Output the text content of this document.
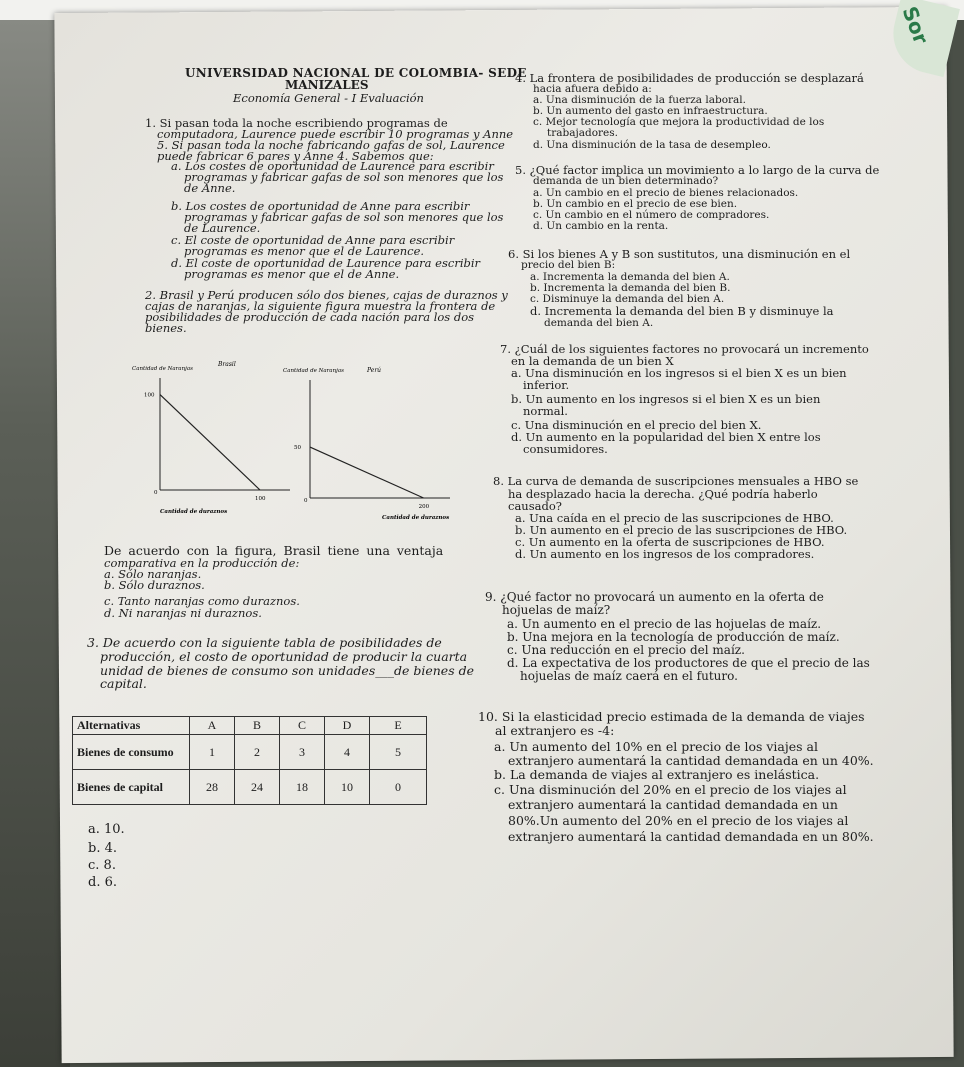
Sor
UNIVERSIDAD NACIONAL DE COLOMBIA- SEDE
MANIZALES
Economía General - I Evaluación
1. Si pasan toda la noche escribiendo programas de
computadora, Laurence puede escribir 10 programas y Anne
5. Si pasan toda la noche fabricando gafas de sol, Laurence
puede fabricar 6 pares y Anne 4. Sabemos que:
a. Los costes de oportunidad de Laurence para escribir
programas y fabricar gafas de sol son menores que los
de Anne.
b. Los costes de oportunidad de Anne para escribir
programas y fabricar gafas de sol son menores que los
de Laurence.
c. El coste de oportunidad de Anne para escribir
programas es menor que el de Laurence.
d. El coste de oportunidad de Laurence para escribir
programas es menor que el de Anne.
2. Brasil y Perú producen sólo dos bienes, cajas de duraznos y
cajas de naranjas, la siguiente figura muestra la frontera de
posibilidades de producción de cada nación para los dos
bienes.
Brasil
Cantidad de Naranjas
100
0
100
Cantidad de duraznos
Perú
Cantidad de Naranjas
50
0
200
Cantidad de duraznos
De acuerdo con la figura, Brasil tiene una ventaja
comparativa en la producción de:
a. Sólo naranjas.
b. Sólo duraznos.
c. Tanto naranjas como duraznos.
d. Ni naranjas ni duraznos.
3. De acuerdo con la siguiente tabla de posibilidades de
producción, el costo de oportunidad de producir la cuarta
unidad de bienes de consumo son unidades___de bienes de
capital.
Alternativas	A	B	C	D	E
Bienes de consumo	1	2	3	4	5
Bienes de capital	28	24	18	10	0
a. 10.
b. 4.
c. 8.
d. 6.
4. La frontera de posibilidades de producción se desplazará
hacia afuera debido a:
a. Una disminución de la fuerza laboral.
b. Un aumento del gasto en infraestructura.
c. Mejor tecnología que mejora la productividad de los
trabajadores.
d. Una disminución de la tasa de desempleo.
5. ¿Qué factor implica un movimiento a lo largo de la curva de
demanda de un bien determinado?
a. Un cambio en el precio de bienes relacionados.
b. Un cambio en el precio de ese bien.
c. Un cambio en el número de compradores.
d. Un cambio en la renta.
6. Si los bienes A y B son sustitutos, una disminución en el
precio del bien B:
a. Incrementa la demanda del bien A.
b. Incrementa la demanda del bien B.
c. Disminuye la demanda del bien A.
d. Incrementa la demanda del bien B y disminuye la
demanda del bien A.
7. ¿Cuál de los siguientes factores no provocará un incremento
en la demanda de un bien X
a. Una disminución en los ingresos si el bien X es un bien
inferior.
b. Un aumento en los ingresos si el bien X es un bien
normal.
c. Una disminución en el precio del bien X.
d. Un aumento en la popularidad del bien X entre los
consumidores.
8. La curva de demanda de suscripciones mensuales a HBO se
ha desplazado hacia la derecha. ¿Qué podría haberlo
causado?
a. Una caída en el precio de las suscripciones de HBO.
b. Un aumento en el precio de las suscripciones de HBO.
c. Un aumento en la oferta de suscripciones de HBO.
d. Un aumento en los ingresos de los compradores.
9. ¿Qué factor no provocará un aumento en la oferta de
hojuelas de maíz?
a. Un aumento en el precio de las hojuelas de maíz.
b. Una mejora en la tecnología de producción de maíz.
c. Una reducción en el precio del maíz.
d. La expectativa de los productores de que el precio de las
hojuelas de maíz caerá en el futuro.
10. Si la elasticidad precio estimada de la demanda de viajes
al extranjero es -4:
a. Un aumento del 10% en el precio de los viajes al
extranjero aumentará la cantidad demandada en un 40%.
b. La demanda de viajes al extranjero es inelástica.
c. Una disminución del 20% en el precio de los viajes al
extranjero aumentará la cantidad demandada en un
80%.Un aumento del 20% en el precio de los viajes al
extranjero aumentará la cantidad demandada en un 80%.
